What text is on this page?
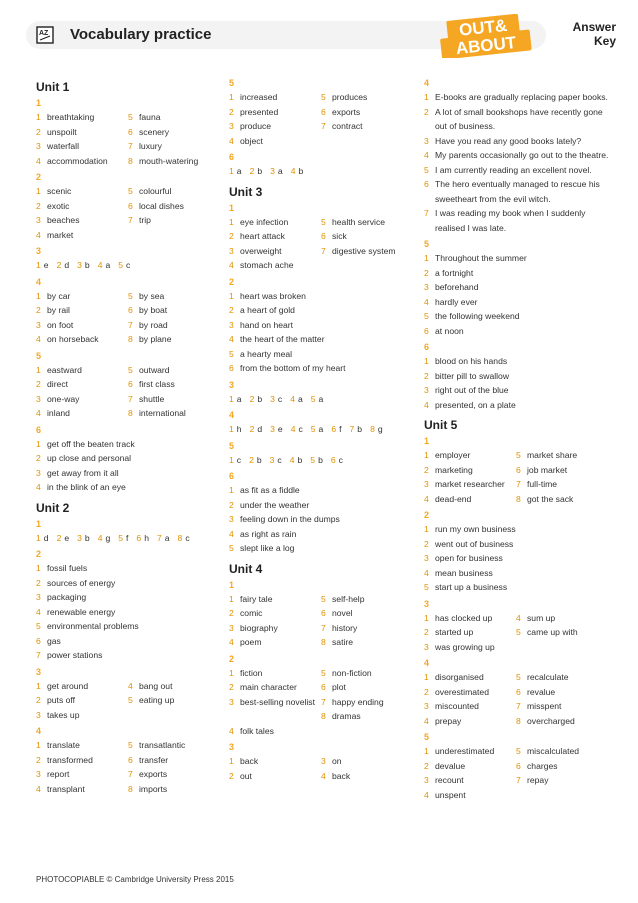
AZ Vocabulary practice	OUT&
ABOUT
Answer
Key
Unit 1
1
1 breathtaking	5 fauna
2 unspoilt	6 scenery
3 waterfall	7 luxury
4 accommodation 8 mouth-watering
2
1 scenic	5 colourful
2 exotic	6 local dishes
3 beaches	7 trip
4 market
3
1 e 2 d 3 b 4 a 5 c
4
1 by car	5 by sea
2 by rail	6 by boat
3 on foot	7 by road
4 on horseback	8 by plane
5
1 eastward	5 outward
2 direct	6 first class
3 one-way	7 shuttle
4 inland	8 international
6
1 get off the beaten track
2 up close and personal
3 get away from it all
4 in the blink of an eye
Unit 2
1
1 d 2 e 3 b 4 g 5 f 6 h 7 a 8 c
2
1 fossil fuels
2 sources of energy
3 packaging
4 renewable energy
5 environmental problems
6 gas
7 power stations
3
1 get around	4 bang out
2 puts off	5 eating up
3 takes up
4
1 translate	5 transatlantic
2 transformed	6 transfer
3 report	7 exports
4 transplant	8 imports
5
1 increased	5 produces
2 presented	6 exports
3 produce	7 contract
4 object
6
1 a 2 b 3 a 4 b
Unit 3
1
1 eye infection	5 health service
2 heart attack	6 sick
3 overweight	7 digestive system
4 stomach ache
2
1 heart was broken
2 a heart of gold
3 hand on heart
4 the heart of the matter
5 a hearty meal
6 from the bottom of my heart
3
1 a 2 b 3 c 4 a 5 a
4
1 h 2 d 3 e 4 c 5 a 6 f 7 b 8 g
5
1 c 2 b 3 c 4 b 5 b 6 c
6
1 as fit as a fiddle
2 under the weather
3 feeling down in the dumps
4 as right as rain
5 slept like a log
Unit 4
1
1 fairy tale	5 self-help
2 comic	6 novel
3 biography	7 history
4 poem	8 satire
2
1 fiction	5 non-fiction
2 main character	6 plot
3 best-selling novelist 7 happy ending
8 dramas
4 folk tales
3
1 back	3 on
2 out	4 back
4
1 E-books are gradually replacing paper books.
2 A lot of small bookshops have recently gone out of business.
3 Have you read any good books lately?
4 My parents occasionally go out to the theatre.
5 I am currently reading an excellent novel.
6 The hero eventually managed to rescue his sweetheart from the evil witch.
7 I was reading my book when I suddenly realised I was late.
5
1 Throughout the summer
2 a fortnight
3 beforehand
4 hardly ever
5 the following weekend
6 at noon
6
1 blood on his hands
2 bitter pill to swallow
3 right out of the blue
4 presented, on a plate
Unit 5
1
1 employer	5 market share
2 marketing	6 job market
3 market researcher 7 full-time
4 dead-end	8 got the sack
2
1 run my own business
2 went out of business
3 open for business
4 mean business
5 start up a business
3
1 has clocked up	4 sum up
2 started up	5 came up with
3 was growing up
4
1 disorganised	5 recalculate
2 overestimated	6 revalue
3 miscounted	7 misspent
4 prepay	8 overcharged
5
1 underestimated	5 miscalculated
2 devalue	6 charges
3 recount	7 repay
4 unspent
PHOTOCOPIABLE © Cambridge University Press 2015
